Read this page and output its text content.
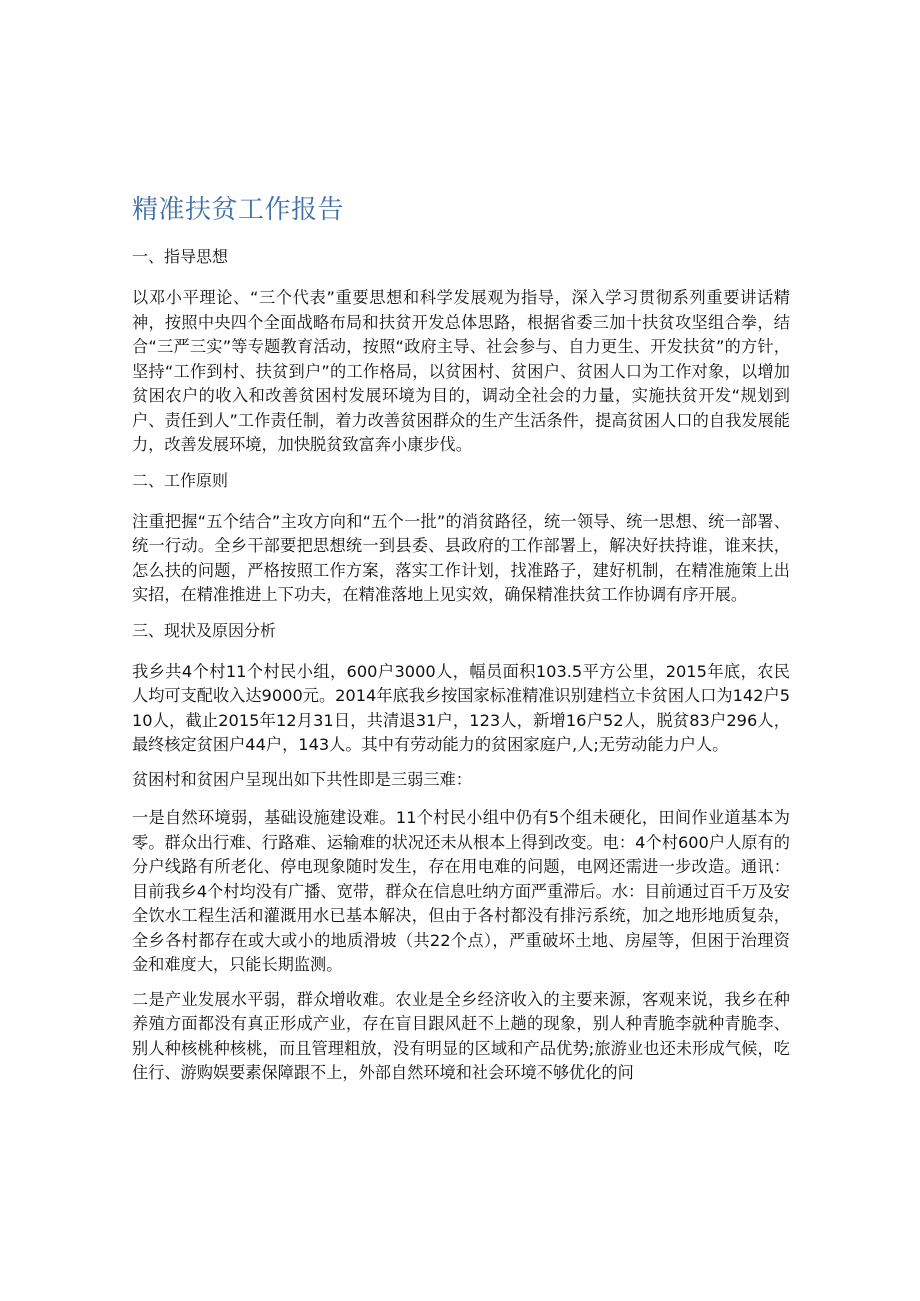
精准扶贫工作报告
一、指导思想

以邓小平理论、“三个代表”重要思想和科学发展观为指导，深入学习贯彻系列重要讲话精神，按照中央四个全面战略布局和扶贫开发总体思路，根据省委三加十扶贫攻坚组合拳，结合“三严三实”等专题教育活动，按照“政府主导、社会参与、自力更生、开发扶贫”的方针，坚持“工作到村、扶贫到户”的工作格局，以贫困村、贫困户、贫困人口为工作对象，以增加贫困农户的收入和改善贫困村发展环境为目的，调动全社会的力量，实施扶贫开发“规划到户、责任到人”工作责任制，着力改善贫困群众的生产生活条件，提高贫困人口的自我发展能力，改善发展环境，加快脱贫致富奔小康步伐。

二、工作原则

注重把握“五个结合”主攻方向和“五个一批”的消贫路径，统一领导、统一思想、统一部署、统一行动。全乡干部要把思想统一到县委、县政府的工作部署上，解决好扶持谁，谁来扶，怎么扶的问题，严格按照工作方案，落实工作计划，找准路子，建好机制，在精准施策上出实招，在精准推进上下功夫，在精准落地上见实效，确保精准扶贫工作协调有序开展。

三、现状及原因分析

我乡共4个村11个村民小组，600户3000人，幅员面积103.5平方公里，2015年底，农民人均可支配收入达9000元。2014年底我乡按国家标准精准识别建档立卡贫困人口为142户510人，截止2015年12月31日，共清退31户，123人，新增16户52人，脱贫83户296人，最终核定贫困户44户，143人。其中有劳动能力的贫困家庭户,人;无劳动能力户人。

贫困村和贫困户呈现出如下共性即是三弱三难：

一是自然环境弱，基础设施建设难。11个村民小组中仍有5个组未硬化，田间作业道基本为零。群众出行难、行路难、运输难的状况还未从根本上得到改变。电：4个村600户人原有的分户线路有所老化、停电现象随时发生，存在用电难的问题，电网还需进一步改造。通讯：目前我乡4个村均没有广播、宽带，群众在信息吐纳方面严重滞后。水：目前通过百千万及安全饮水工程生活和灌溉用水已基本解决，但由于各村都没有排污系统，加之地形地质复杂，全乡各村都存在或大或小的地质滑坡（共22个点），严重破坏土地、房屋等，但困于治理资金和难度大，只能长期监测。

二是产业发展水平弱，群众增收难。农业是全乡经济收入的主要来源，客观来说，我乡在种养殖方面都没有真正形成产业，存在盲目跟风赶不上趟的现象，别人种青脆李就种青脆李、别人种核桃种核桃，而且管理粗放，没有明显的区域和产品优势;旅游业也还未形成气候，吃住行、游购娱要素保障跟不上，外部自然环境和社会环境不够优化的问
